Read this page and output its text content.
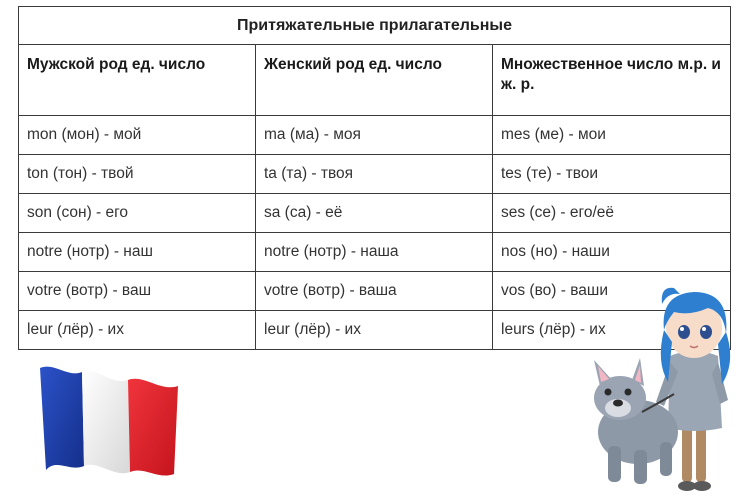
Притяжательные прилагательные		
Мужской род ед. число	Женский род ед. число	Множественное число м.р. и ж. р.
mon (мон) - мой	ma (ма) - моя	mes (ме) - мои
ton (тон) - твой	ta (та) - твоя	tes (те) - твои
son (сон) - его	sa (са) - её	ses (се) - его/её
notre (нотр) - наш	notre (нотр) - наша	nos (но) - наши
votre (вотр) - ваш	votre (вотр) - ваша	vos (во) - ваши
leur (лёр) - их	leur (лёр) - их	leurs (лёр) - их
